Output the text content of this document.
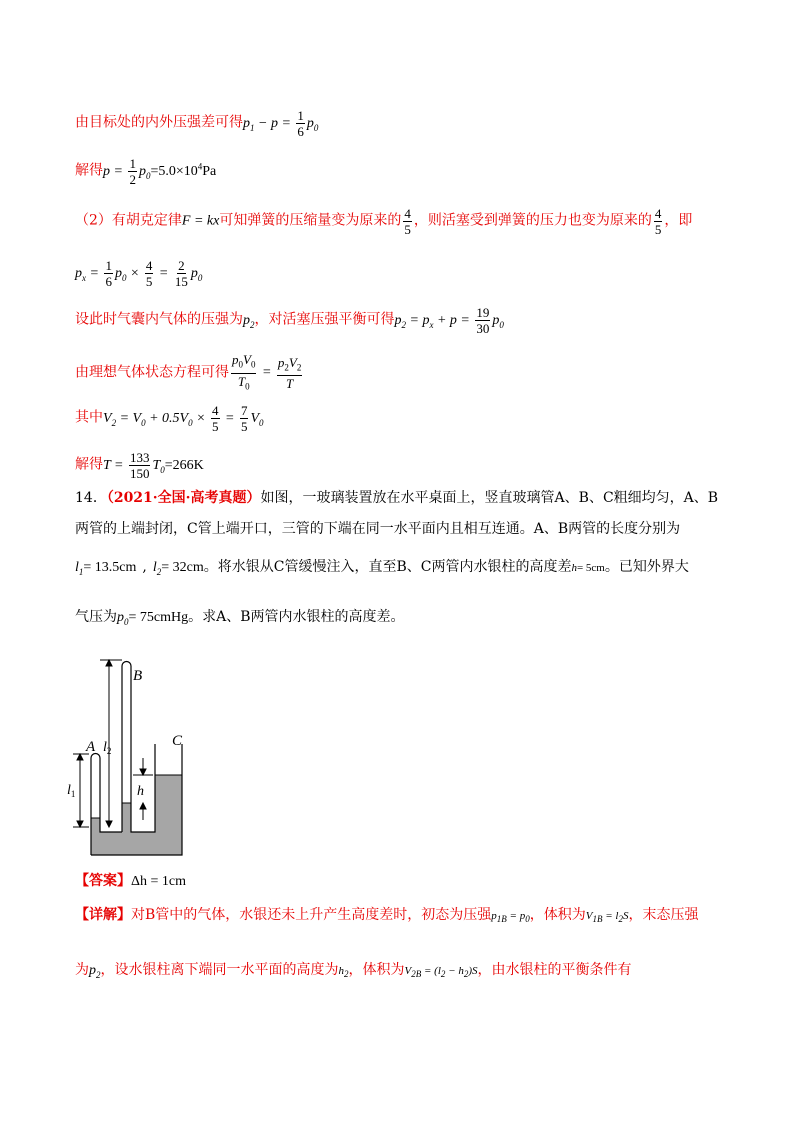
由目标处的内外压强差可得$p_1 - p = \frac{1}{6} p_0$
解得$p = \frac{1}{2} p_0=5.0\times 10^4Pa$
（2）有胡克定律F = kx可知弹簧的压缩量变为原来的 $\frac{4}{5}$ ，则活塞受到弹簧的压力也变为原来的 $\frac{4}{5}$ ，即
$p_x = \frac{1}{6} p_0 \times \frac{4}{5} = \frac{2}{15} p_0$
设此时气囊内气体的压强为$p_2$，对活塞压强平衡可得$p_2 = p_x + p = \frac{19}{30} p_0$
由理想气体状态方程可得 $\frac{p_0V_0}{T_0} = \frac{p_2V_2}{T}$
其中$V_2 = V_0 + 0.5V_0 \times \frac{4}{5} = \frac{7}{5} V_0$
解得$T = \frac{133}{150} T_0=266K$
14．（2021·全国·高考真题）如图，一玻璃装置放在水平桌面上，竖直玻璃管A、B、C粗细均匀，A、B
两管的上端封闭，C管上端开口，三管的下端在同一水平面内且相互连通。A、B两管的长度分别为
$l_1= 13.5cm$ , $l_2= 32cm$。将水银从C管缓慢注入，直至B、C两管内水银柱的高度差h= 5cm。已知外界大
气压为$p_0=$ 75cmHg。求A、B两管内水银柱的高度差。
B
A	C
$l_1$
$l_2$
h
【答案】Δh = 1cm
【详解】对B管中的气体，水银还未上升产生高度差时，初态为压强$p_{1B} = p_0$，体积为$V_{1B} = l_2S$，末态压强
为$p_2$，设水银柱离下端同一水平面的高度为$h_2$，体积为$V_{2B} = (l_2 - h_2)S$，由水银柱的平衡条件有
